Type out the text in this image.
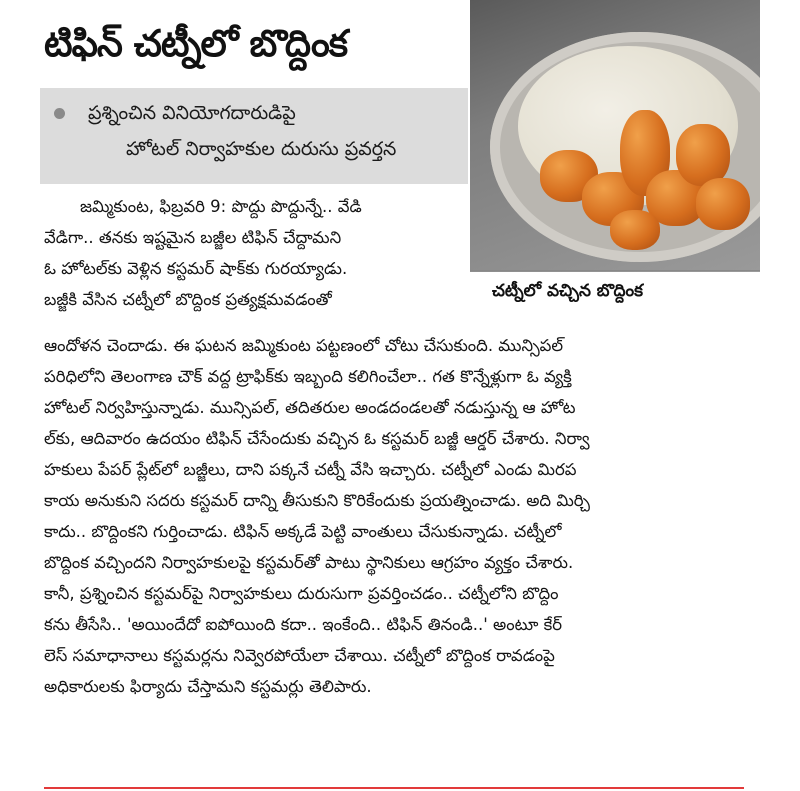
టిఫిన్ చట్నీలో బొద్దింక
ప్రశ్నించిన వినియోగదారుడిపై
హోటల్ నిర్వాహకుల దురుసు ప్రవర్తన
చట్నీలో వచ్చిన బొద్దింక
జమ్మికుంట, ఫిబ్రవరి 9: పొద్దు పొద్దున్నే.. వేడి
వేడిగా.. తనకు ఇష్టమైన బజ్జీల టిఫిన్ చేద్దామని
ఓ హోటల్‌కు వెళ్లిన కస్టమర్ షాక్‌కు గురయ్యాడు.
బజ్జీకి వేసిన చట్నీలో బొద్దింక ప్రత్యక్షమవడంతో
ఆందోళన చెందాడు. ఈ ఘటన జమ్మికుంట పట్టణంలో చోటు చేసుకుంది. మున్సిపల్
పరిధిలోని తెలంగాణ చౌక్ వద్ద ట్రాఫిక్‌కు ఇబ్బంది కలిగించేలా.. గత కొన్నేళ్లుగా ఓ వ్యక్తి
హోటల్ నిర్వహిస్తున్నాడు. మున్సిపల్, తదితరుల అండదండలతో నడుస్తున్న ఆ హోట
ల్‌కు, ఆదివారం ఉదయం టిఫిన్ చేసేందుకు వచ్చిన ఓ కస్టమర్ బజ్జీ ఆర్డర్ చేశారు. నిర్వా
హకులు పేపర్ ప్లేట్‌లో బజ్జీలు, దాని పక్కనే చట్నీ వేసి ఇచ్చారు. చట్నీలో ఎండు మిరప
కాయ అనుకుని సదరు కస్టమర్ దాన్ని తీసుకుని కొరికేందుకు ప్రయత్నించాడు. అది మిర్చి
కాదు.. బొద్దింకని గుర్తించాడు. టిఫిన్ అక్కడే పెట్టి వాంతులు చేసుకున్నాడు. చట్నీలో
బొద్దింక వచ్చిందని నిర్వాహకులపై కస్టమర్‌తో పాటు స్థానికులు ఆగ్రహం వ్యక్తం చేశారు.
కానీ, ప్రశ్నించిన కస్టమర్‌పై నిర్వాహకులు దురుసుగా ప్రవర్తించడం.. చట్నీలోని బొద్దిం
కను తీసేసి.. 'అయిందేదో ఐపోయింది కదా.. ఇంకేంది.. టిఫిన్ తినండి..' అంటూ కేర్
లెస్ సమాధానాలు కస్టమర్లను నివ్వెరపోయేలా చేశాయి. చట్నీలో బొద్దింక రావడంపై
అధికారులకు ఫిర్యాదు చేస్తామని కస్టమర్లు తెలిపారు.
